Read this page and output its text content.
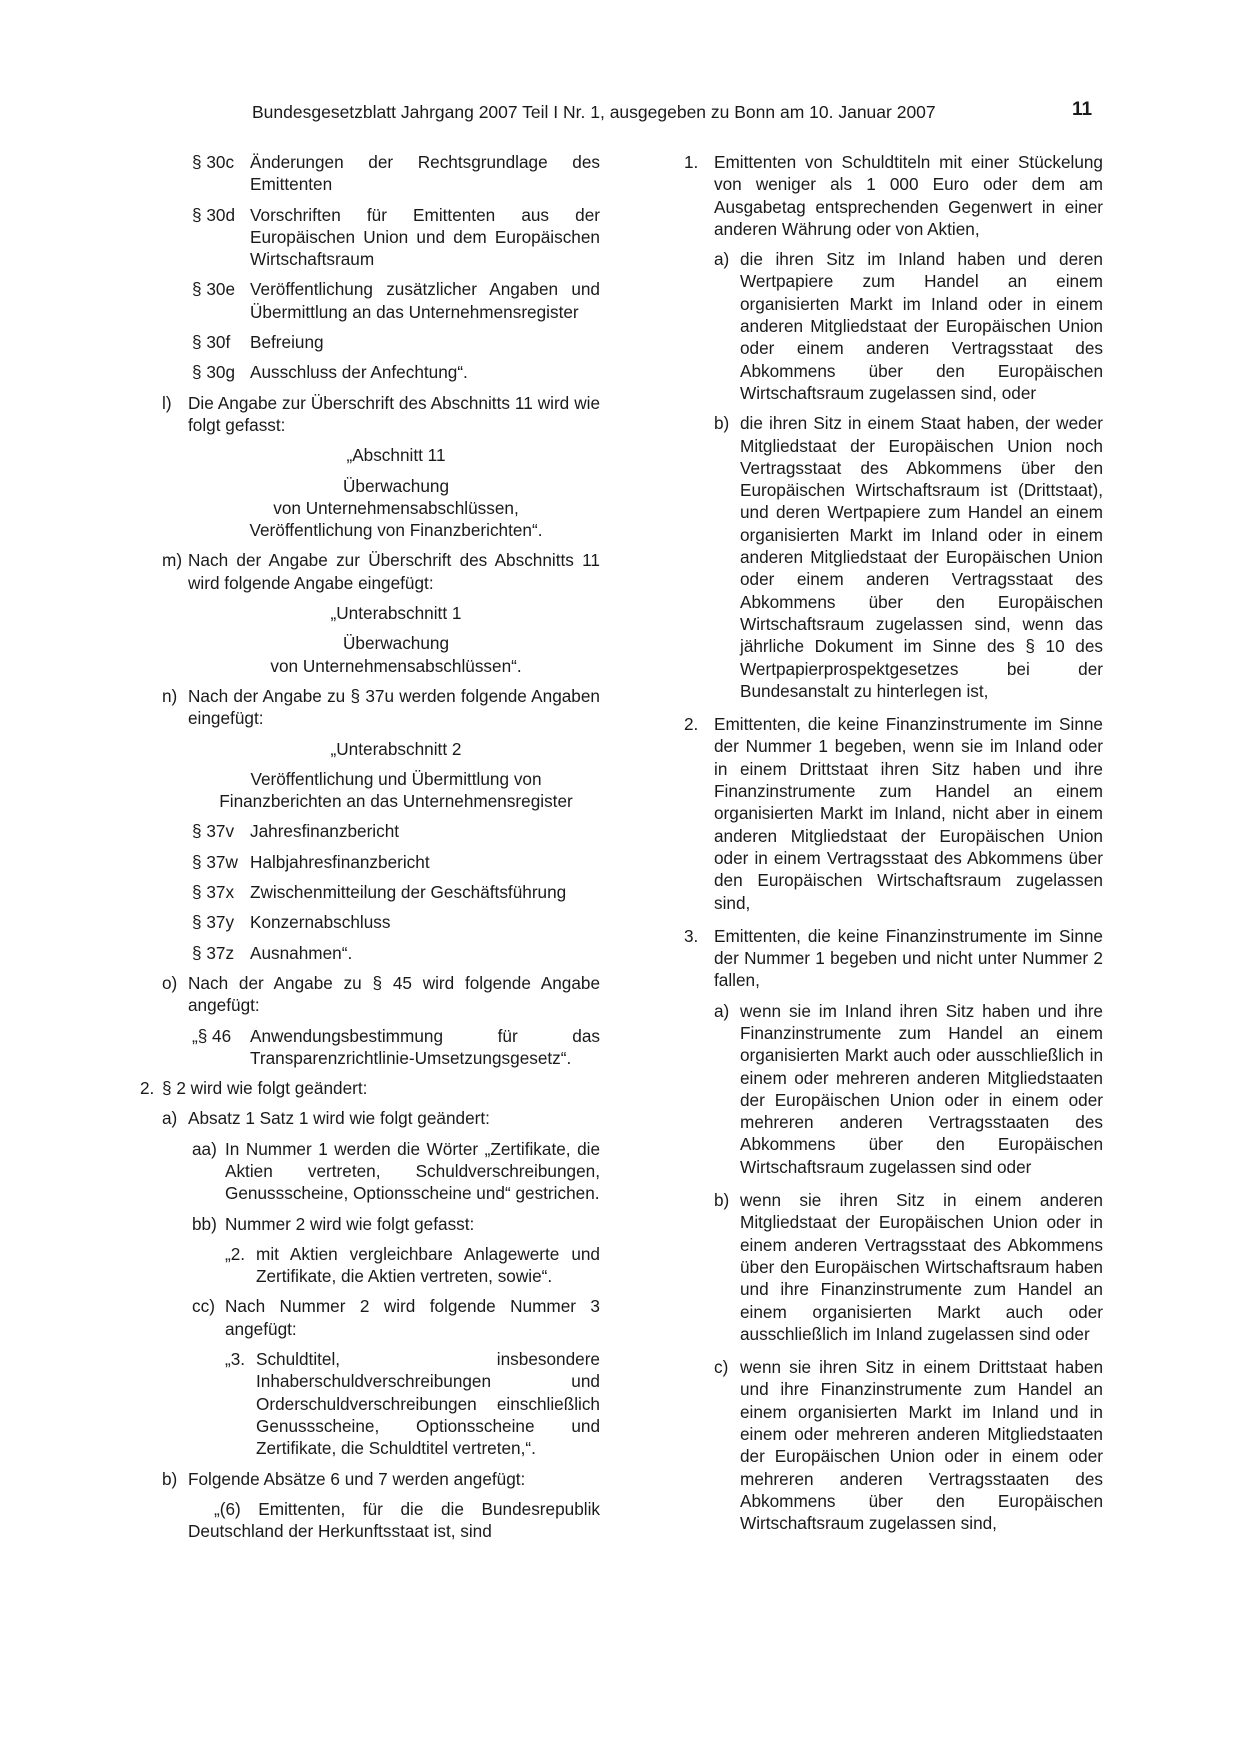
Bundesgesetzblatt Jahrgang 2007 Teil I Nr. 1, ausgegeben zu Bonn am 10. Januar 2007	11
§ 30c Änderungen der Rechtsgrundlage des Emittenten
§ 30d Vorschriften für Emittenten aus der Europäischen Union und dem Europäischen Wirtschaftsraum
§ 30e Veröffentlichung zusätzlicher Angaben und Übermittlung an das Unternehmensregister
§ 30f	Befreiung
§ 30g Ausschluss der Anfechtung“.
l) Die Angabe zur Überschrift des Abschnitts 11 wird wie folgt gefasst:
„Abschnitt 11
Überwachung
von Unternehmensabschlüssen,
Veröffentlichung von Finanzberichten“.
m) Nach der Angabe zur Überschrift des Abschnitts 11 wird folgende Angabe eingefügt:
„Unterabschnitt 1
Überwachung
von Unternehmensabschlüssen“.
n) Nach der Angabe zu § 37u werden folgende Angaben eingefügt:
„Unterabschnitt 2
Veröffentlichung und Übermittlung von
Finanzberichten an das Unternehmensregister
§ 37v Jahresfinanzbericht
§ 37w Halbjahresfinanzbericht
§ 37x Zwischenmitteilung der Geschäftsführung
§ 37y Konzernabschluss
§ 37z Ausnahmen“.
o) Nach der Angabe zu § 45 wird folgende Angabe angefügt:
„§ 46	Anwendungsbestimmung für das Transparenzrichtlinie-Umsetzungsgesetz“.
2. § 2 wird wie folgt geändert:
a) Absatz 1 Satz 1 wird wie folgt geändert:
aa) In Nummer 1 werden die Wörter „Zertifikate, die Aktien vertreten, Schuldverschreibungen, Genussscheine, Optionsscheine und“ gestrichen.
bb) Nummer 2 wird wie folgt gefasst:
„2. mit Aktien vergleichbare Anlagewerte und Zertifikate, die Aktien vertreten, sowie“.
cc) Nach Nummer 2 wird folgende Nummer 3 angefügt:
„3. Schuldtitel, insbesondere Inhaberschuldverschreibungen und Orderschuldverschreibungen einschließlich Genussscheine, Optionsscheine und Zertifikate, die Schuldtitel vertreten,“.
b) Folgende Absätze 6 und 7 werden angefügt:
„(6) Emittenten, für die die Bundesrepublik Deutschland der Herkunftsstaat ist, sind
1. Emittenten von Schuldtiteln mit einer Stückelung von weniger als 1 000 Euro oder dem am Ausgabetag entsprechenden Gegenwert in einer anderen Währung oder von Aktien,
a) die ihren Sitz im Inland haben und deren Wertpapiere zum Handel an einem organisierten Markt im Inland oder in einem anderen Mitgliedstaat der Europäischen Union oder einem anderen Vertragsstaat des Abkommens über den Europäischen Wirtschaftsraum zugelassen sind, oder
b) die ihren Sitz in einem Staat haben, der weder Mitgliedstaat der Europäischen Union noch Vertragsstaat des Abkommens über den Europäischen Wirtschaftsraum ist (Drittstaat), und deren Wertpapiere zum Handel an einem organisierten Markt im Inland oder in einem anderen Mitgliedstaat der Europäischen Union oder einem anderen Vertragsstaat des Abkommens über den Europäischen Wirtschaftsraum zugelassen sind, wenn das jährliche Dokument im Sinne des § 10 des Wertpapierprospektgesetzes bei der Bundesanstalt zu hinterlegen ist,
2. Emittenten, die keine Finanzinstrumente im Sinne der Nummer 1 begeben, wenn sie im Inland oder in einem Drittstaat ihren Sitz haben und ihre Finanzinstrumente zum Handel an einem organisierten Markt im Inland, nicht aber in einem anderen Mitgliedstaat der Europäischen Union oder in einem Vertragsstaat des Abkommens über den Europäischen Wirtschaftsraum zugelassen sind,
3. Emittenten, die keine Finanzinstrumente im Sinne der Nummer 1 begeben und nicht unter Nummer 2 fallen,
a) wenn sie im Inland ihren Sitz haben und ihre Finanzinstrumente zum Handel an einem organisierten Markt auch oder ausschließlich in einem oder mehreren anderen Mitgliedstaaten der Europäischen Union oder in einem oder mehreren anderen Vertragsstaaten des Abkommens über den Europäischen Wirtschaftsraum zugelassen sind oder
b) wenn sie ihren Sitz in einem anderen Mitgliedstaat der Europäischen Union oder in einem anderen Vertragsstaat des Abkommens über den Europäischen Wirtschaftsraum haben und ihre Finanzinstrumente zum Handel an einem organisierten Markt auch oder ausschließlich im Inland zugelassen sind oder
c) wenn sie ihren Sitz in einem Drittstaat haben und ihre Finanzinstrumente zum Handel an einem organisierten Markt im Inland und in einem oder mehreren anderen Mitgliedstaaten der Europäischen Union oder in einem oder mehreren anderen Vertragsstaaten des Abkommens über den Europäischen Wirtschaftsraum zugelassen sind,
